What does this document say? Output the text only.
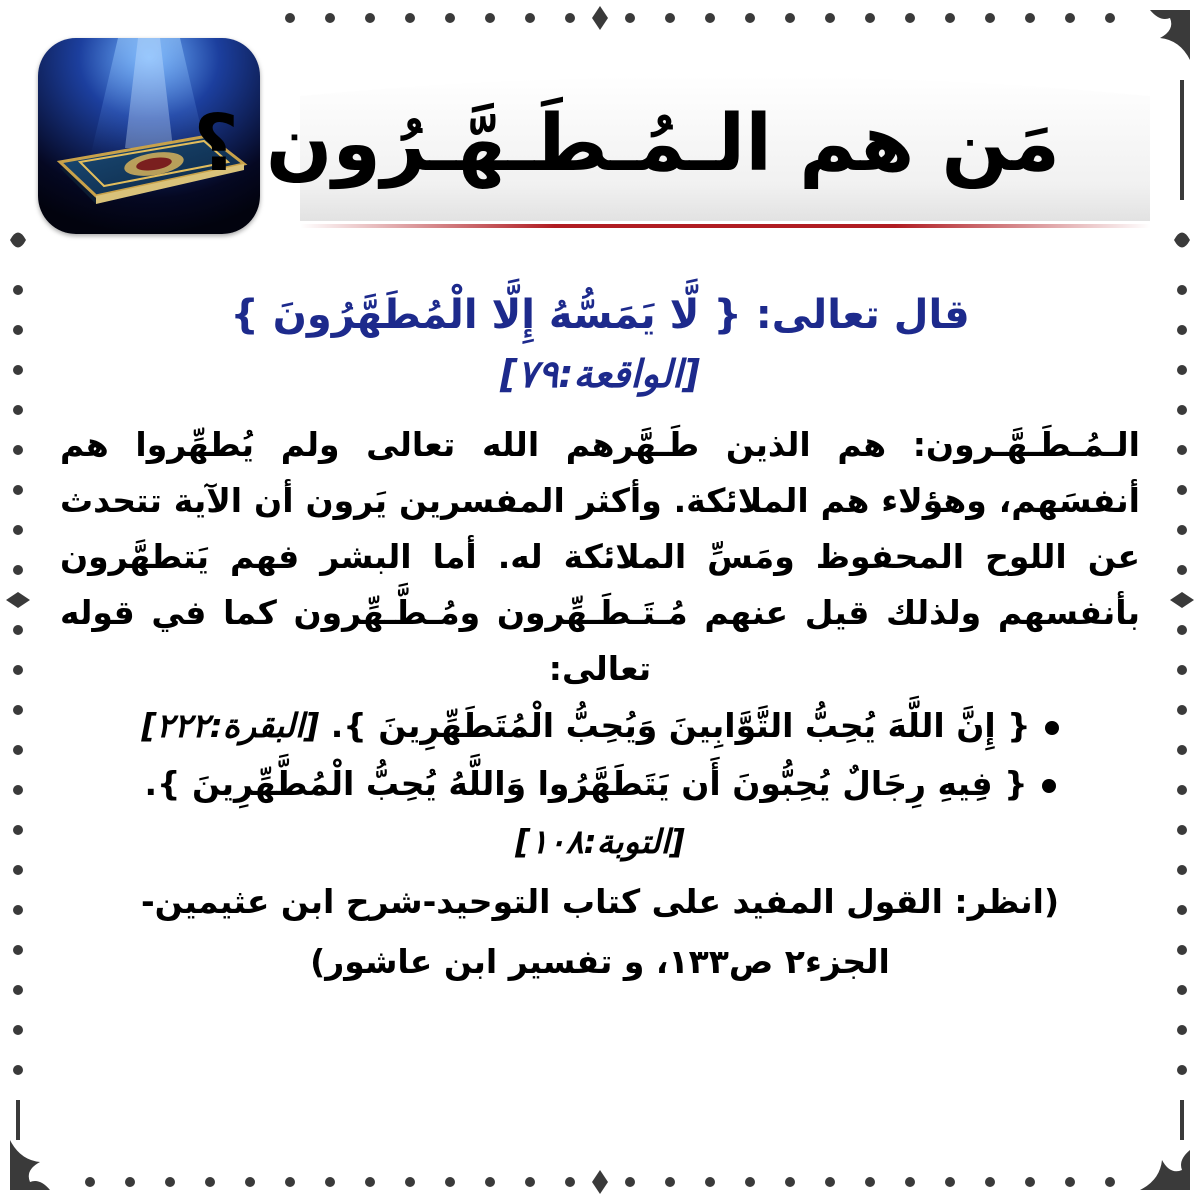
مَن هم الـمُـطَـهَّـرُون ؟

قال تعالى: { لَّا يَمَسُّهُ إِلَّا الْمُطَهَّرُونَ }

[الواقعة:٧٩]

الـمُـطَـهَّـرون: هم الذين طَـهَّرهم الله تعالى ولم يُطهِّروا هم أنفسَهم، وهؤلاء هم الملائكة. وأكثر المفسرين يَرون أن الآية تتحدث عن اللوح المحفوظ ومَسِّ الملائكة له. أما البشر فهم يَتطهَّرون بأنفسهم ولذلك قيل عنهم مُـتَـطَـهِّرون ومُـطَّـهِّرون كما في قوله تعالى:

{ إِنَّ اللَّهَ يُحِبُّ التَّوَّابِينَ وَيُحِبُّ الْمُتَطَهِّرِينَ }. [البقرة:٢٢٢]
{ فِيهِ رِجَالٌ يُحِبُّونَ أَن يَتَطَهَّرُوا وَاللَّهُ يُحِبُّ الْمُطَّهِّرِينَ }.

[التوبة:١٠٨]

(انظر: القول المفيد على كتاب التوحيد-شرح ابن عثيمين-

الجزء٢ ص١٣٣، و تفسير ابن عاشور)
